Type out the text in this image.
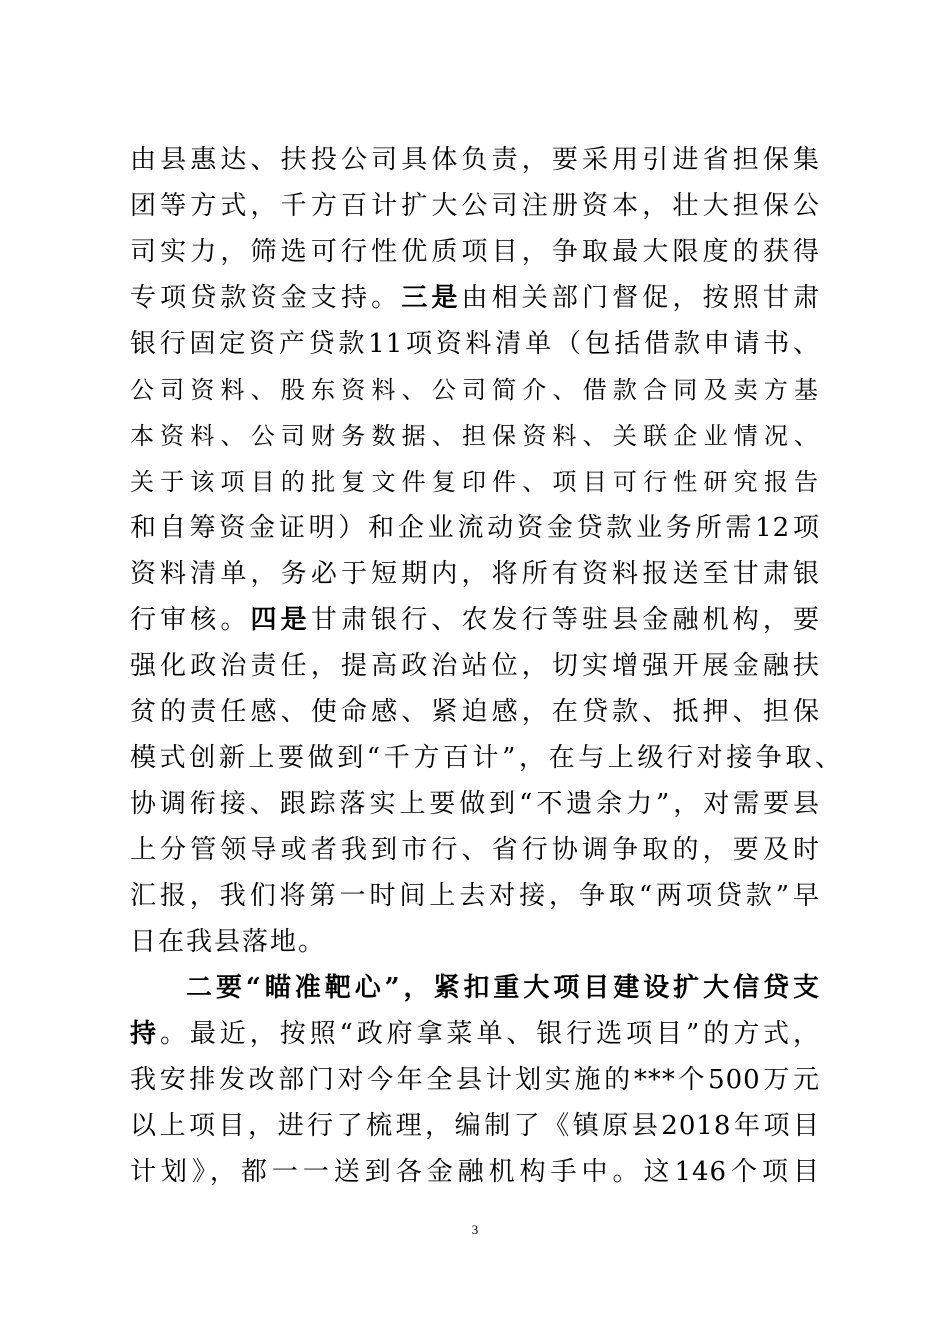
由县惠达、扶投公司具体负责，要采用引进省担保集
团等方式，千方百计扩大公司注册资本，壮大担保公
司实力，筛选可行性优质项目，争取最大限度的获得
专项贷款资金支持。三是由相关部门督促，按照甘肃
银行固定资产贷款11项资料清单（包括借款申请书、
公司资料、股东资料、公司简介、借款合同及卖方基
本资料、公司财务数据、担保资料、关联企业情况、
关于该项目的批复文件复印件、项目可行性研究报告
和自筹资金证明）和企业流动资金贷款业务所需12项
资料清单，务必于短期内，将所有资料报送至甘肃银
行审核。四是甘肃银行、农发行等驻县金融机构，要
强化政治责任，提高政治站位，切实增强开展金融扶
贫的责任感、使命感、紧迫感，在贷款、抵押、担保
模式创新上要做到“千方百计”，在与上级行对接争取、
协调衔接、跟踪落实上要做到“不遗余力”，对需要县
上分管领导或者我到市行、省行协调争取的，要及时
汇报，我们将第一时间上去对接，争取“两项贷款”早
日在我县落地。
二要“瞄准靶心”，紧扣重大项目建设扩大信贷支
持。最近，按照“政府拿菜单、银行选项目”的方式，
我安排发改部门对今年全县计划实施的***个500万元
以上项目，进行了梳理，编制了《镇原县2018年项目
计划》，都一一送到各金融机构手中。这146个项目
3
